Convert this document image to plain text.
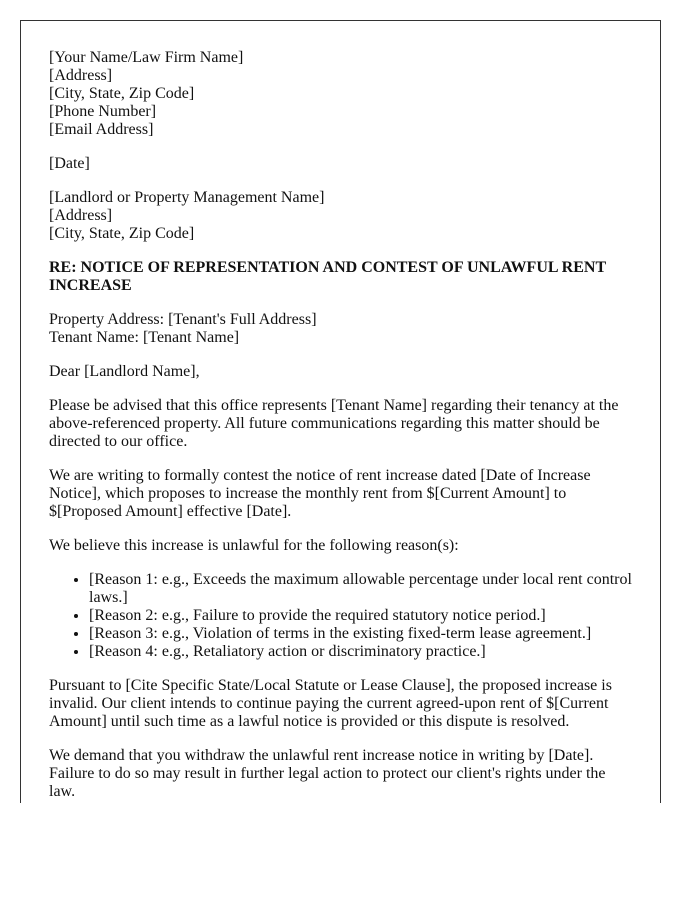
[Your Name/Law Firm Name]
[Address]
[City, State, Zip Code]
[Phone Number]
[Email Address]
[Date]
[Landlord or Property Management Name]
[Address]
[City, State, Zip Code]
RE: NOTICE OF REPRESENTATION AND CONTEST OF UNLAWFUL RENT INCREASE
Property Address: [Tenant's Full Address]
Tenant Name: [Tenant Name]

Dear [Landlord Name],

Please be advised that this office represents [Tenant Name] regarding their tenancy at the above-referenced property. All future communications regarding this matter should be directed to our office.

We are writing to formally contest the notice of rent increase dated [Date of Increase Notice], which proposes to increase the monthly rent from $[Current Amount] to $[Proposed Amount] effective [Date].

We believe this increase is unlawful for the following reason(s):

• [Reason 1: e.g., Exceeds the maximum allowable percentage under local rent control laws.]
• [Reason 2: e.g., Failure to provide the required statutory notice period.]
• [Reason 3: e.g., Violation of terms in the existing fixed-term lease agreement.]
• [Reason 4: e.g., Retaliatory action or discriminatory practice.]

Pursuant to [Cite Specific State/Local Statute or Lease Clause], the proposed increase is invalid. Our client intends to continue paying the current agreed-upon rent of $[Current Amount] until such time as a lawful notice is provided or this dispute is resolved.

We demand that you withdraw the unlawful rent increase notice in writing by [Date]. Failure to do so may result in further legal action to protect our client's rights under the law.
